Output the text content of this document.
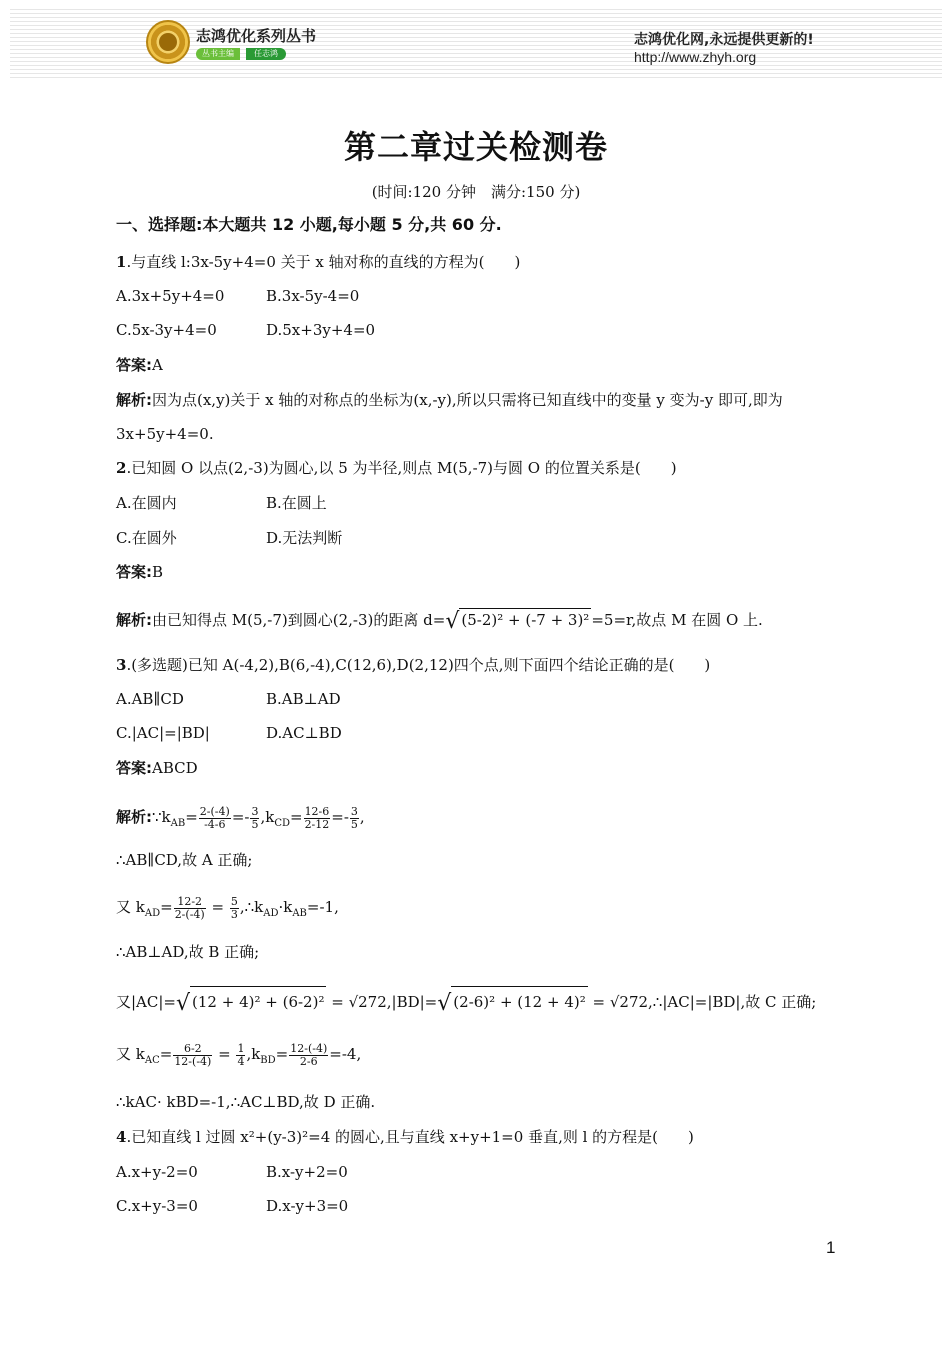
志鸿优化系列丛书
丛书主编	任志鸿
志鸿优化网,永远提供更新的!
http://www.zhyh.org
第二章过关检测卷
(时间:120 分钟　满分:150 分)
一、选择题:本大题共 12 小题,每小题 5 分,共 60 分.
1.与直线 l:3x-5y+4=0 关于 x 轴对称的直线的方程为(　　)
A.3x+5y+4=0	B.3x-5y-4=0
C.5x-3y+4=0	D.5x+3y+4=0
答案:A
解析:因为点(x,y)关于 x 轴的对称点的坐标为(x,-y),所以只需将已知直线中的变量 y 变为-y 即可,即为
3x+5y+4=0.
2.已知圆 O 以点(2,-3)为圆心,以 5 为半径,则点 M(5,-7)与圆 O 的位置关系是(　　)
A.在圆内	B.在圆上
C.在圆外	D.无法判断
答案:B
解析:由已知得点 M(5,-7)到圆心(2,-3)的距离 d=√ (5-2)² + (-7 + 3)² =5=r,故点 M 在圆 O 上.
3.(多选题)已知 A(-4,2),B(6,-4),C(12,6),D(2,12)四个点,则下面四个结论正确的是(　　)
A.AB∥CD	B.AB⊥AD
C.|AC|=|BD|	D.AC⊥BD
答案:ABCD
解析$:\because k_{AB}= \frac{2-(-4)}{-4-6} =- \frac{3}{5} ,k_{CD}= \frac{12-6}{2-12} =- \frac{3}{5}$ ,
∴AB∥CD,故 A 正确;
又 $k_{AD}= \frac{12-2}{2-(-4)} = \frac{5}{3}$ $,\therefore k_{AD}\cdot k_{AB}=-1$,
∴AB⊥AD,故 B 正确;
又|AC|=√ (12 + 4)² + (6-2)² = √272,|BD|=√ (2-6)² + (12 + 4)² = √272,∴|AC|=|BD|,故 C 正确;
又 $k_{AC}= \frac{6-2}{12-(-4)} = \frac{1}{4} ,k_{BD}= \frac{12-(-4)}{2-6} =-4$,
∴kAC· kBD=-1,∴AC⊥BD,故 D 正确.
4.已知直线 l 过圆 x²+(y-3)²=4 的圆心,且与直线 x+y+1=0 垂直,则 l 的方程是(　　)
A.x+y-2=0	B.x-y+2=0
C.x+y-3=0	D.x-y+3=0
1
